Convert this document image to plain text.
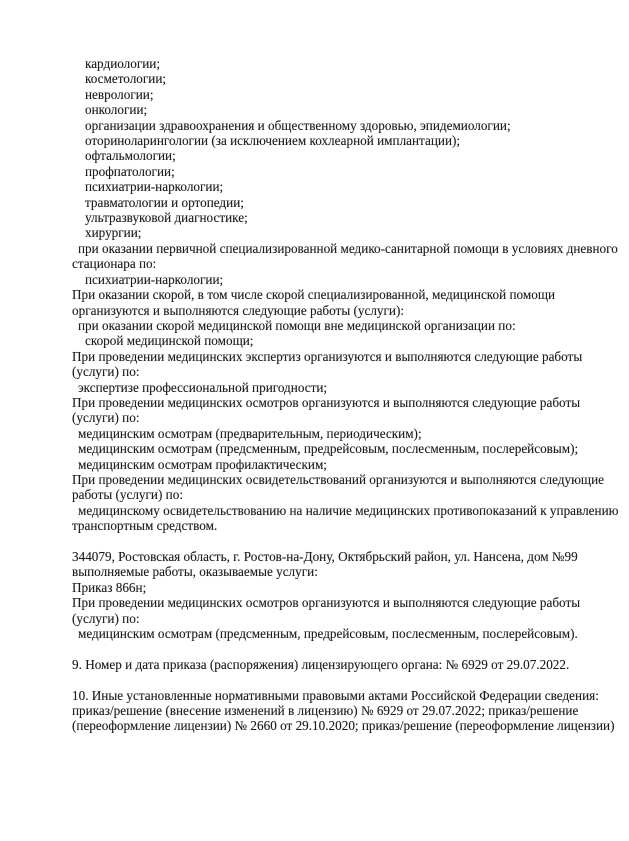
кардиологии;
косметологии;
неврологии;
онкологии;
организации здравоохранения и общественному здоровью, эпидемиологии;
оториноларингологии (за исключением кохлеарной имплантации);
офтальмологии;
профпатологии;
психиатрии-наркологии;
травматологии и ортопедии;
ультразвуковой диагностике;
хирургии;
при оказании первичной специализированной медико-санитарной помощи в условиях дневного
стационара по:
психиатрии-наркологии;
При оказании скорой, в том числе скорой специализированной, медицинской помощи
организуются и выполняются следующие работы (услуги):
при оказании скорой медицинской помощи вне медицинской организации по:
скорой медицинской помощи;
При проведении медицинских экспертиз организуются и выполняются следующие работы
(услуги) по:
экспертизе профессиональной пригодности;
При проведении медицинских осмотров организуются и выполняются следующие работы
(услуги) по:
медицинским осмотрам (предварительным, периодическим);
медицинским осмотрам (предсменным, предрейсовым, послесменным, послерейсовым);
медицинским осмотрам профилактическим;
При проведении медицинских освидетельствований организуются и выполняются следующие
работы (услуги) по:
медицинскому освидетельствованию на наличие медицинских противопоказаний к управлению
транспортным средством.

344079, Ростовская область, г. Ростов-на-Дону, Октябрьский район, ул. Нансена, дом №99
выполняемые работы, оказываемые услуги:
Приказ 866н;
При проведении медицинских осмотров организуются и выполняются следующие работы
(услуги) по:
медицинским осмотрам (предсменным, предрейсовым, послесменным, послерейсовым).

9. Номер и дата приказа (распоряжения) лицензирующего органа: № 6929 от 29.07.2022.

10. Иные установленные нормативными правовыми актами Российской Федерации сведения:
приказ/решение (внесение изменений в лицензию) № 6929 от 29.07.2022; приказ/решение
(переоформление лицензии) № 2660 от 29.10.2020; приказ/решение (переоформление лицензии)
